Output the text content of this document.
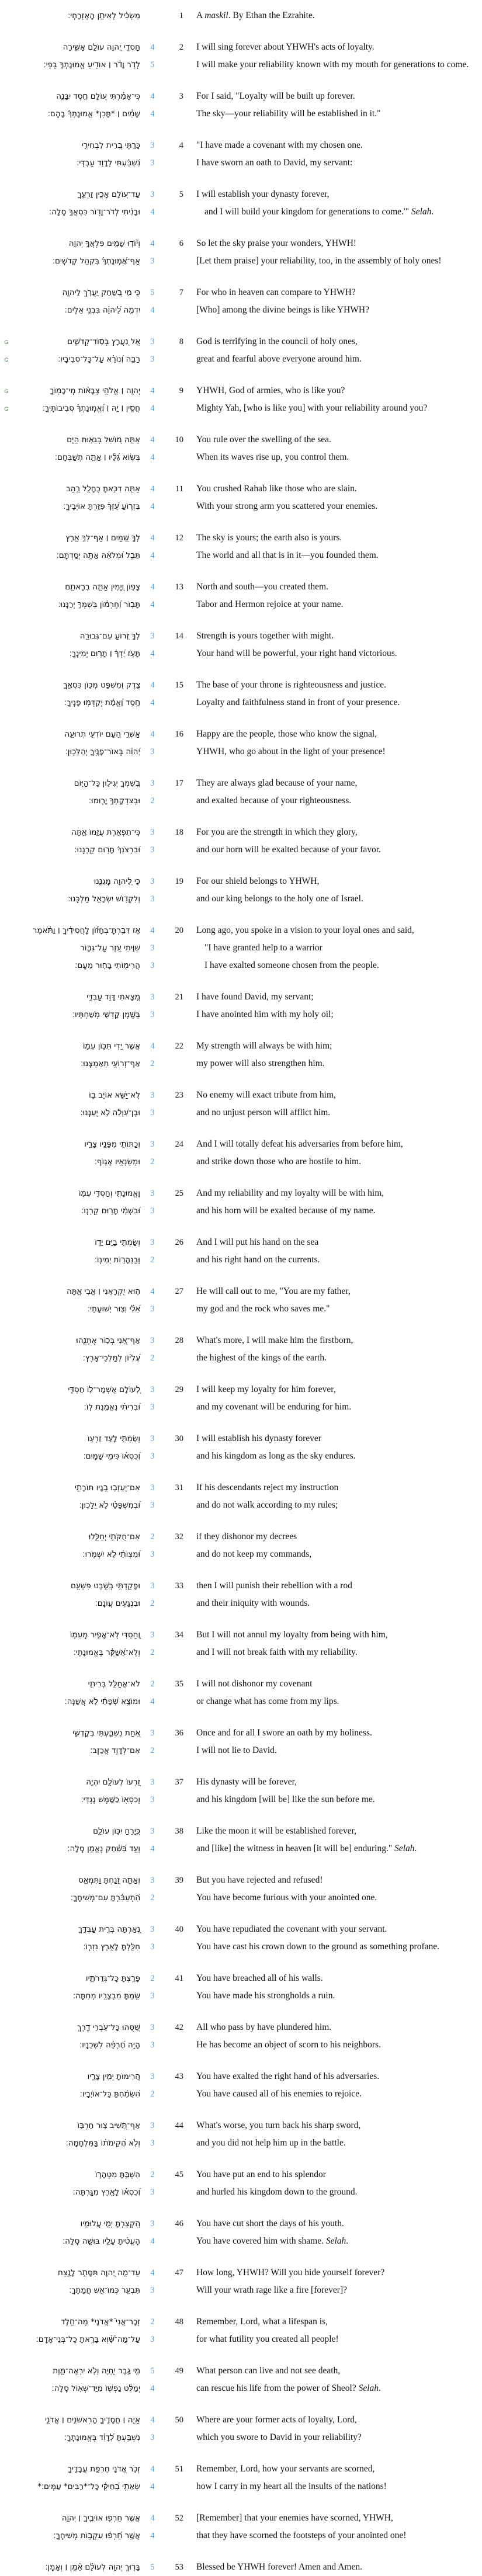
מַשְׂכִּ֗יל לְאֵיתָ֥ן הָֽאֶזְרָחִֽי׃	1	A maskil. By Ethan the Ezrahite.
חַֽסְדֵ֣י יְ֭הוָה עוֹלָ֣ם אָשִׁ֑ירָה	4	2	I will sing forever about YHWH's acts of loyalty.
לְדֹ֥ר וָדֹ֓ר ׀ אוֹדִ֖יעַ אֱמוּנָתְךָ֣ בְּפִֽי׃	5	I will make your reliability known with my mouth for generations to come.
כִּֽי־אָמַ֗רְתִּי ע֭וֹלָם חֶ֣סֶד יִבָּנֶ֑ה	4	3	For I said, "Loyalty will be built up forever.
שָׁמַ֓יִם ׀ *תָּכִן* אֱמוּנָתְךָ֬ בָהֶֽם׃	4	The sky—your reliability will be established in it."
כָּרַ֣תִּֽי בְ֭רִית לִבְחִירִ֑י	3	4	"I have made a covenant with my chosen one.
נִ֝שְׁבַּ֗עְתִּי לְדָוִ֥ד עַבְדִּֽי׃	3	I have sworn an oath to David, my servant:
עַד־ע֭וֹלָם אָכִ֣ין זַרְעֶ֑ךָ	3	5	I will establish your dynasty forever,
וּבָנִ֨יתִי לְדֹר־וָד֖וֹר כִּסְאֲךָ֣ סֶֽלָה׃	4	and I will build your kingdom for generations to come.'" Selah.
וְי֘וֹד֤וּ שָׁמַ֣יִם פִּלְאֲךָ֣ יְהוָ֑ה	4	6	So let the sky praise your wonders, YHWH!
אַף־אֱ֝מֽוּנָתְךָ֗ בִּקְהַ֥ל קְדֹשִֽׁים׃	3	[Let them praise] your reliability, too, in the assembly of holy ones!
כִּ֤י מִ֣י בַ֭שַּׁחַק יַעֲרֹ֣ךְ לַיהוָ֑ה	5	7	For who in heaven can compare to YHWH?
יִדְמֶ֥ה לַ֝יהוָ֗ה בִּבְנֵ֥י אֵלִֽים׃	4	[Who] among the divine beings is like YHWH?
G	אֵ֣ל נַ֭עֲרָץ בְּס֣וֹד־קְדֹשִׁ֑ים	3	8	God is terrifying in the council of holy ones,
G	רַבָּ֥ה וְ֝נוֹרָ֗א עַל־כָּל־סְבִיבָֽיו׃	3	great and fearful above everyone around him.
G	יְהוָ֤ה ׀ אֱלֹהֵ֥י צְבָא֗וֹת מִֽי־כָמ֖וֹךָ	4	9	YHWH, God of armies, who is like you?
G	חֲסִ֥ין ׀ יָ֑הּ ׀ וֶ֝אֱמֽוּנָתְךָ֗ סְבִיבוֹתֶֽיךָ׃	4	Mighty Yah, [who is like you] with your reliability around you?
אַתָּ֣ה מ֭וֹשֵׁל בְּגֵא֣וּת הַיָּ֑ם	4	10	You rule over the swelling of the sea.
בְּשׂ֥וֹא גַ֝לָּ֗יו ׀ אַתָּ֥ה תְשַׁבְּחֵֽם׃	4	When its waves rise up, you control them.
אַתָּ֤ה דִכִּ֣אתָ כֶחָלָ֣ל רָ֑הַב	4	11	You crushed Rahab like those who are slain.
בִּזְר֥וֹעַ עֻ֝זְּךָ֗ פִּזַּ֥רְתָּ אוֹיְבֶֽיךָ׃	4	With your strong arm you scattered your enemies.
לְךָ֣ שָׁ֭מַיִם ׀ אַף־לְךָ֣ אָ֑רֶץ	4	12	The sky is yours; the earth also is yours.
תֵּבֵ֥ל וּ֝מְלֹאָ֗הּ אַתָּ֥ה יְסַדְתָּֽם׃	4	The world and all that is in it—you founded them.
צָפ֣וֹן וְ֭יָמִין אַתָּ֣ה בְרָאתָ֑ם	4	13	North and south—you created them.
תָּב֥וֹר וְ֝חֶרְמ֗וֹן בְּשִׁמְךָ֥ יְרַנֵּֽנוּ׃	4	Tabor and Hermon rejoice at your name.
לְךָ֣ זְ֭רוֹעַ עִם־גְּבוּרָ֑ה	3	14	Strength is yours together with might.
תָּעֹ֥ז יָ֝דְךָ֗ ׀ תָּר֥וּם יְמִינֶֽךָ׃	4	Your hand will be powerful, your right hand victorious.
צֶ֣דֶק וּ֭מִשְׁפָּט מְכ֣וֹן כִּסְאֶ֑ךָ	4	15	The base of your throne is righteousness and justice.
חֶ֥סֶד וֶ֝אֱמֶ֗ת יְֽקַדְּמ֥וּ פָנֶֽיךָ׃	4	Loyalty and faithfulness stand in front of your presence.
אַשְׁרֵ֣י הָ֭עָם יוֹדְעֵ֣י תְרוּעָ֑ה	4	16	Happy are the people, those who know the signal,
יְ֝הוָ֗ה בְּֽאוֹר־פָּנֶ֥יךָ יְהַלֵּכֽוּן׃	3	YHWH, who go about in the light of your presence!
בְּ֭שִׁמְךָ יְגִיל֣וּן כָּל־הַיּ֑וֹם	3	17	They are always glad because of your name,
וּבְצִדְקָתְךָ֥ יָרֽוּמוּ׃	2	and exalted because of your righteousness.
כִּֽי־תִפְאֶ֣רֶת עֻזָּ֣מוֹ אָ֑תָּה	3	18	For you are the strength in which they glory,
וּ֝בִרְצֹנְךָ֗ תָּר֥וּם קַרְנֵֽנוּ׃	3	and our horn will be exalted because of your favor.
כִּ֣י לַ֭יהוָה מָֽגִנֵּ֑נוּ	3	19	For our shield belongs to YHWH,
וְלִקְד֖וֹשׁ יִשְׂרָאֵ֣ל מַלְכֵּֽנוּ׃	3	and our king belongs to the holy one of Israel.
אָ֤ז דִּבַּ֥רְתָּֽ־בְחָז֡וֹן לַֽחֲסִידֶ֗יךָ ׀ וַתֹּ֗אמֶר	4	20	Long ago, you spoke in a vision to your loyal ones and said,
שִׁוִּ֣יתִי עֵ֭זֶר עַל־גִּבּ֑וֹר	3	"I have granted help to a warrior
הֲרִימ֖וֹתִי בָח֣וּר מֵעָֽם׃	3	I have exalted someone chosen from the people.
מָ֭צָאתִי דָּוִ֣ד עַבְדִּ֑י	3	21	I have found David, my servant;
בְּשֶׁ֖מֶן קָדְשִׁ֣י מְשַׁחְתִּֽיו׃	3	I have anointed him with my holy oil;
אֲשֶׁ֣ר יָ֭דִי תִּכּ֣וֹן עִמּ֑וֹ	4	22	My strength will always be with him;
אַף־זְרוֹעִ֥י תְאַמְּצֶֽנּוּ׃	2	my power will also strengthen him.
לֹֽא־יַשִּׁ֣א אוֹיֵ֣ב בּ֑וֹ	3	23	No enemy will exact tribute from him,
וּבֶן־עַ֝וְלָ֗ה לֹ֣א יְעַנֶּֽנּוּ׃	3	and no unjust person will afflict him.
וְכַתּוֹתִ֣י מִפָּנָ֣יו צָרָ֑יו	3	24	And I will totally defeat his adversaries from before him,
וּמְשַׂנְאָ֥יו אֶגּֽוֹף׃	2	and strike down those who are hostile to him.
וֶֽאֱמוּנָתִ֣י וְחַסְדִּ֣י עִמּ֑וֹ	3	25	And my reliability and my loyalty will be with him,
וּ֝בִשְׁמִ֗י תָּר֥וּם קַרְנֽוֹ׃	3	and his horn will be exalted because of my name.
וְשַׂמְתִּ֣י בַיָּ֣ם יָד֑וֹ	3	26	And I will put his hand on the sea
וּֽבַנְּהָר֥וֹת יְמִינֽוֹ׃	2	and his right hand on the currents.
ה֣וּא יִ֭קְרָאֵנִי ׀ אָ֣בִי אָ֑תָּה	4	27	He will call out to me, "You are my father,
אֵ֝לִ֗י וְצ֣וּר יְשׁוּעָתִֽי׃	3	my god and the rock who saves me."
אַף־אָ֭נִי בְּכ֣וֹר אֶתְּנֵ֑הוּ	3	28	What's more, I will make him the firstborn,
עֶ֝לְי֗וֹן לְמַלְכֵי־אָֽרֶץ׃	2	the highest of the kings of the earth.
לְ֭עוֹלָם אֶשְׁמָר־ל֣וֹ חַסְדִּ֑י	3	29	I will keep my loyalty for him forever,
וּ֝בְרִיתִ֗י נֶאֱמֶ֥נֶת לֽוֹ׃	3	and my covenant will be enduring for him.
וְשַׂמְתִּ֣י לָעַ֣ד זַרְע֑וֹ	3	30	I will establish his dynasty forever
וְ֝כִסְא֗וֹ כִּימֵ֥י שָׁמָֽיִם׃	3	and his kingdom as long as the sky endures.
אִם־יַעַזְב֣וּ בָ֭נָיו תּוֹרָתִ֑י	3	31	If his descendants reject my instruction
וּ֝בְמִשְׁפָּטַ֗י לֹ֣א יֵלֵכֽוּן׃	3	and do not walk according to my rules;
אִם־חֻקֹּתַ֥י יְחַלֵּ֑לוּ	2	32	if they dishonor my decrees
וּ֝מִצְוֺתַ֗י לֹ֣א יִשְׁמֹֽרוּ׃	3	and do not keep my commands,
וּפָקַדְתִּ֣י בְשֵׁ֣בֶט פִּשְׁעָ֑ם	3	33	then I will punish their rebellion with a rod
וּבִנְגָעִ֥ים עֲוֺנָֽם׃	2	and their iniquity with wounds.
וְ֭חַסְדִּי לֹֽא־אָפִ֣יר מֵֽעִמּ֑וֹ	3	34	But I will not annul my loyalty from being with him,
וְלֹֽא־אֲ֝שַׁקֵּ֗ר בֶּאֱמוּנָתִֽי׃	2	and I will not break faith with my reliability.
לֹא־אֲחַלֵּ֥ל בְּרִיתִ֑י	2	35	I will not dishonor my covenant
וּמוֹצָ֥א שְׂ֝פָתַ֗י לֹ֣א אֲשַׁנֶּֽה׃	4	or change what has come from my lips.
אַ֭חַת נִשְׁבַּ֣עְתִּי בְקָדְשִׁ֑י	3	36	Once and for all I swore an oath by my holiness.
אִם־לְדָוִ֥ד אֲכַזֵּֽב׃	2	I will not lie to David.
זַ֭רְעוֹ לְעוֹלָ֣ם יִהְיֶ֑ה	3	37	His dynasty will be forever,
וְכִסְא֖וֹ כַשֶּׁ֣מֶשׁ נֶגְדִּֽי׃	3	and his kingdom [will be] like the sun before me.
כְּ֭יָרֵחַ יִכּ֣וֹן עוֹלָ֑ם	3	38	Like the moon it will be established forever,
וְעֵ֥ד בַּ֝שַּׁ֗חַק נֶאֱמָ֥ן סֶֽלָה׃	4	and [like] the witness in heaven [it will be] enduring." Selah.
וְאַתָּ֣ה זָ֭נַחְתָּ וַתִּמְאָ֑ס	3	39	But you have rejected and refused!
הִ֝תְעַבַּ֗רְתָּ עִם־מְשִׁיחֶֽךָ׃	2	You have become furious with your anointed one.
נֵ֭אַרְתָּה בְּרִ֣ית עַבְדֶּ֑ךָ	3	40	You have repudiated the covenant with your servant.
חִלַּ֖לְתָּ לָאָ֣רֶץ נִזְרֽוֹ׃	3	You have cast his crown down to the ground as something profane.
פָּרַ֥צְתָּ כָל־גְּדֵרֹתָ֑יו	2	41	You have breached all of his walls.
שַׂ֖מְתָּ מִבְצָרָ֣יו מְחִתָּֽה׃	3	You have made his strongholds a ruin.
שַׁ֭סֻּהוּ כָּל־עֹ֣בְרֵי דָ֑רֶךְ	3	42	All who pass by have plundered him.
הָיָ֥ה חֶ֝רְפָּ֗ה לִשְׁכֵנָֽיו׃	3	He has become an object of scorn to his neighbors.
הֲ֭רִימוֹתָ יְמִ֣ין צָרָ֑יו	3	43	You have exalted the right hand of his adversaries.
הִ֝שְׂמַ֗חְתָּ כָּל־אוֹיְבָֽיו׃	2	You have caused all of his enemies to rejoice.
אַף־תָּ֭שִׁיב צ֣וּר חַרְבּ֑וֹ	3	44	What's worse, you turn back his sharp sword,
וְלֹ֥א הֲ֝קֵימֹת֗וֹ בַּמִּלְחָמָֽה׃	3	and you did not help him up in the battle.
הִשְׁבַּ֥תָּ מִטְּהָר֑וֹ	2	45	You have put an end to his splendor
וְ֝כִסְא֗וֹ לָאָ֥רֶץ מִגַּֽרְתָּה׃	3	and hurled his kingdom down to the ground.
הִ֭קְצַרְתָּ יְמֵ֣י עֲלוּמָ֑יו	3	46	You have cut short the days of his youth.
הֶֽעֱטִ֨יתָ עָלָ֖יו בּוּשָׁ֣ה סֶֽלָה׃	4	You have covered him with shame. Selah.
עַד־מָ֣ה יְ֭הוָה תִּסָּתֵ֣ר לָנֶ֑צַח	4	47	How long, YHWH? Will you hide yourself forever?
תִּבְעַ֖ר כְּמוֹ־אֵ֣שׁ חֲמָתֶֽךָ׃	3	Will your wrath rage like a fire [forever]?
זְכָר־אֲנִי֮ *אֲדֹנָי* מֶה־חָ֥לֶד	2	48	Remember, Lord, what a lifespan is,
עַל־מַה־שָּׁ֝֗וְא בָּרָ֥אתָ כָל־בְּנֵי־אָדָֽם׃	3	for what futility you created all people!
מִ֤י גֶ֣בֶר יִֽ֭חְיֶה וְלֹ֣א יִרְאֶה־מָּ֑וֶת	5	49	What person can live and not see death,
יְמַלֵּ֨ט נַפְשׁ֖וֹ מִיַּד־שְׁא֣וֹל סֶֽלָה׃	4	can rescue his life from the power of Sheol? Selah.
אַיֵּ֤ה ׀ חֲסָדֶ֖יךָ הָרִאשֹׁנִ֥ים ׀ אֲדֹנָ֑י	4	50	Where are your former acts of loyalty, Lord,
נִשְׁבַּ֥עְתָּ לְ֝דָוִ֗ד בֶּאֱמוּנָתֶֽךָ׃	3	which you swore to David in your reliability?
זְכֹ֣ר אֲ֭דֹנָי חֶרְפַּ֣ת עֲבָדֶ֑יךָ	4	51	Remember, Lord, how your servants are scorned,
שְׂאֵתִ֥י בְ֝חֵיקִ֗י כָּל־*רַבִּים* עַמִּֽים׃*	4	how I carry in my heart all the insults of the nations!
אֲשֶׁ֤ר חֵרְפ֖וּ אוֹיְבֶ֥יךָ ׀ יְהוָ֑ה	4	52	[Remember] that your enemies have scorned, YHWH,
אֲשֶׁ֥ר חֵ֝רְפ֗וּ עִקְּב֥וֹת מְשִׁיחֶֽךָ׃	4	that they have scorned the footsteps of your anointed one!
בָּר֖וּךְ יְהוָ֥ה לְעוֹלָ֗ם אָ֘מֵ֥ן ׀ וְאָמֵֽן׃	5	53	Blessed be YHWH forever! Amen and Amen.
